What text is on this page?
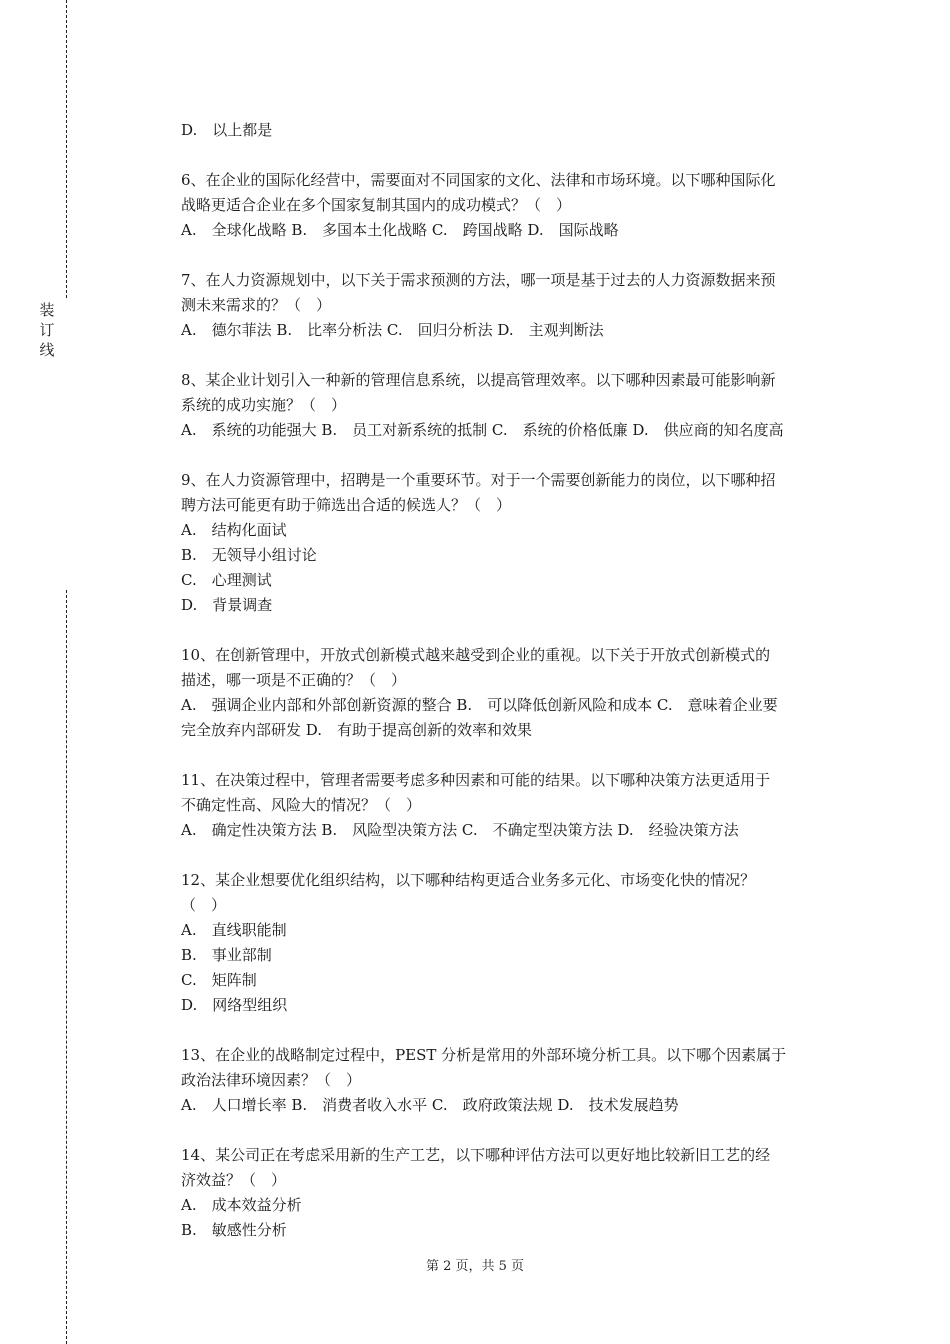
装
订
线
D.　以上都是
6、在企业的国际化经营中，需要面对不同国家的文化、法律和市场环境。以下哪种国际化
战略更适合企业在多个国家复制其国内的成功模式？（　）
A.　全球化战略 B.　多国本土化战略 C.　跨国战略 D.　国际战略
7、在人力资源规划中，以下关于需求预测的方法，哪一项是基于过去的人力资源数据来预
测未来需求的？（　）
A.　德尔菲法 B.　比率分析法 C.　回归分析法 D.　主观判断法
8、某企业计划引入一种新的管理信息系统，以提高管理效率。以下哪种因素最可能影响新
系统的成功实施？（　）
A.　系统的功能强大 B.　员工对新系统的抵制 C.　系统的价格低廉 D.　供应商的知名度高
9、在人力资源管理中，招聘是一个重要环节。对于一个需要创新能力的岗位，以下哪种招
聘方法可能更有助于筛选出合适的候选人？（　）
A.　结构化面试
B.　无领导小组讨论
C.　心理测试
D.　背景调查
10、在创新管理中，开放式创新模式越来越受到企业的重视。以下关于开放式创新模式的
描述，哪一项是不正确的？（　）
A.　强调企业内部和外部创新资源的整合 B.　可以降低创新风险和成本 C.　意味着企业要
完全放弃内部研发 D.　有助于提高创新的效率和效果
11、在决策过程中，管理者需要考虑多种因素和可能的结果。以下哪种决策方法更适用于
不确定性高、风险大的情况？（　）
A.　确定性决策方法 B.　风险型决策方法 C.　不确定型决策方法 D.　经验决策方法
12、某企业想要优化组织结构，以下哪种结构更适合业务多元化、市场变化快的情况？
（　）
A.　直线职能制
B.　事业部制
C.　矩阵制
D.　网络型组织
13、在企业的战略制定过程中，PEST 分析是常用的外部环境分析工具。以下哪个因素属于
政治法律环境因素？（　）
A.　人口增长率 B.　消费者收入水平 C.　政府政策法规 D.　技术发展趋势
14、某公司正在考虑采用新的生产工艺，以下哪种评估方法可以更好地比较新旧工艺的经
济效益？（　）
A.　成本效益分析
B.　敏感性分析
第 2 页，共 5 页
